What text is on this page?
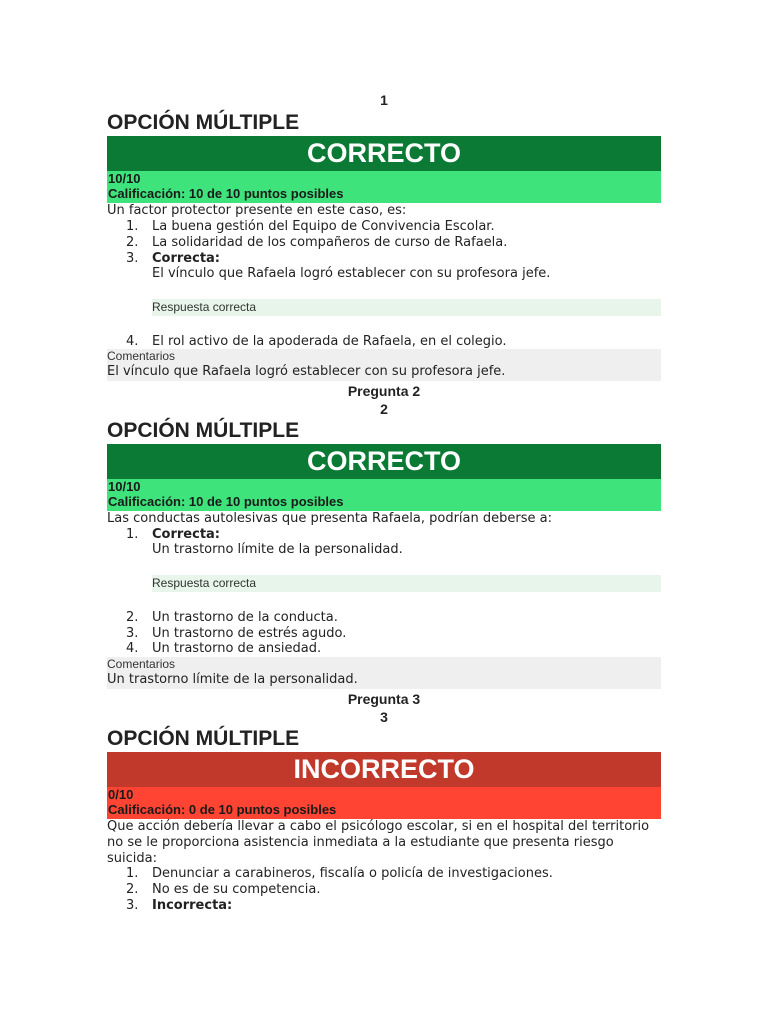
1
OPCIÓN MÚLTIPLE
CORRECTO
10/10
Calificación: 10 de 10 puntos posibles
Un factor protector presente en este caso, es:
1. La buena gestión del Equipo de Convivencia Escolar.
2. La solidaridad de los compañeros de curso de Rafaela.
3. Correcta:
El vínculo que Rafaela logró establecer con su profesora jefe.
Respuesta correcta
4. El rol activo de la apoderada de Rafaela, en el colegio.
Comentarios
El vínculo que Rafaela logró establecer con su profesora jefe.
Pregunta 2
2
OPCIÓN MÚLTIPLE
CORRECTO
10/10
Calificación: 10 de 10 puntos posibles
Las conductas autolesivas que presenta Rafaela, podrían deberse a:
1. Correcta:
Un trastorno límite de la personalidad.
Respuesta correcta
2. Un trastorno de la conducta.
3. Un trastorno de estrés agudo.
4. Un trastorno de ansiedad.
Comentarios
Un trastorno límite de la personalidad.
Pregunta 3
3
OPCIÓN MÚLTIPLE
INCORRECTO
0/10
Calificación: 0 de 10 puntos posibles
Que acción debería llevar a cabo el psicólogo escolar, si en el hospital del territorio
no se le proporciona asistencia inmediata a la estudiante que presenta riesgo
suicida:
1. Denunciar a carabineros, fiscalía o policía de investigaciones.
2. No es de su competencia.
3. Incorrecta:
